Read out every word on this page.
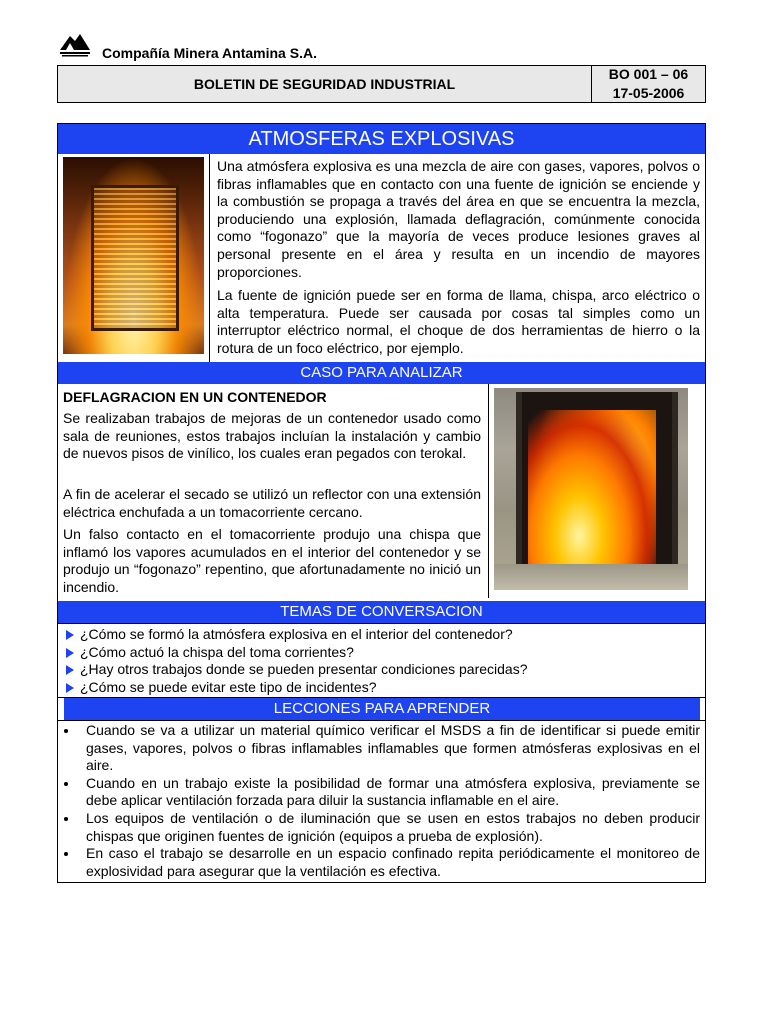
Compañía Minera Antamina S.A.
BOLETIN DE SEGURIDAD INDUSTRIAL
BO 001 – 06
17-05-2006
ATMOSFERAS EXPLOSIVAS

Una atmósfera explosiva es una mezcla de aire con gases, vapores, polvos o fibras inflamables que en contacto con una fuente de ignición se enciende y la combustión se propaga a través del área en que se encuentra la mezcla, produciendo una explosión, llamada deflagración, comúnmente conocida como “fogonazo” que la mayoría de veces produce lesiones graves al personal presente en el área y resulta en un incendio de mayores proporciones.

La fuente de ignición puede ser en forma de llama, chispa, arco eléctrico o alta temperatura. Puede ser causada por cosas tal simples como un interruptor eléctrico normal, el choque de dos herramientas de hierro o la rotura de un foco eléctrico, por ejemplo.

CASO PARA ANALIZAR
DEFLAGRACION EN UN CONTENEDOR

Se realizaban trabajos de mejoras de un contenedor usado como sala de reuniones, estos trabajos incluían la instalación y cambio de nuevos pisos de vinílico, los cuales eran pegados con terokal.

A fin de acelerar el secado se utilizó un reflector con una extensión eléctrica enchufada a un tomacorriente cercano.

Un falso contacto en el tomacorriente produjo una chispa que inflamó los vapores acumulados en el interior del contenedor y se produjo un “fogonazo” repentino, que afortunadamente no inició un incendio.

TEMAS DE CONVERSACION
¿Cómo se formó la atmósfera explosiva en el interior del contenedor?
¿Cómo actuó la chispa del toma corrientes?
¿Hay otros trabajos donde se pueden presentar condiciones parecidas?
¿Cómo se puede evitar este tipo de incidentes?
LECCIONES PARA APRENDER
Cuando se va a utilizar un material químico verificar el MSDS a fin de identificar si puede emitir gases, vapores, polvos o fibras inflamables inflamables que formen atmósferas explosivas en el aire.
Cuando en un trabajo existe la posibilidad de formar una atmósfera explosiva, previamente se debe aplicar ventilación forzada para diluir la sustancia inflamable en el aire.
Los equipos de ventilación o de iluminación que se usen en estos trabajos no deben producir chispas que originen fuentes de ignición (equipos a prueba de explosión).
En caso el trabajo se desarrolle en un espacio confinado repita periódicamente el monitoreo de explosividad para asegurar que la ventilación es efectiva.
